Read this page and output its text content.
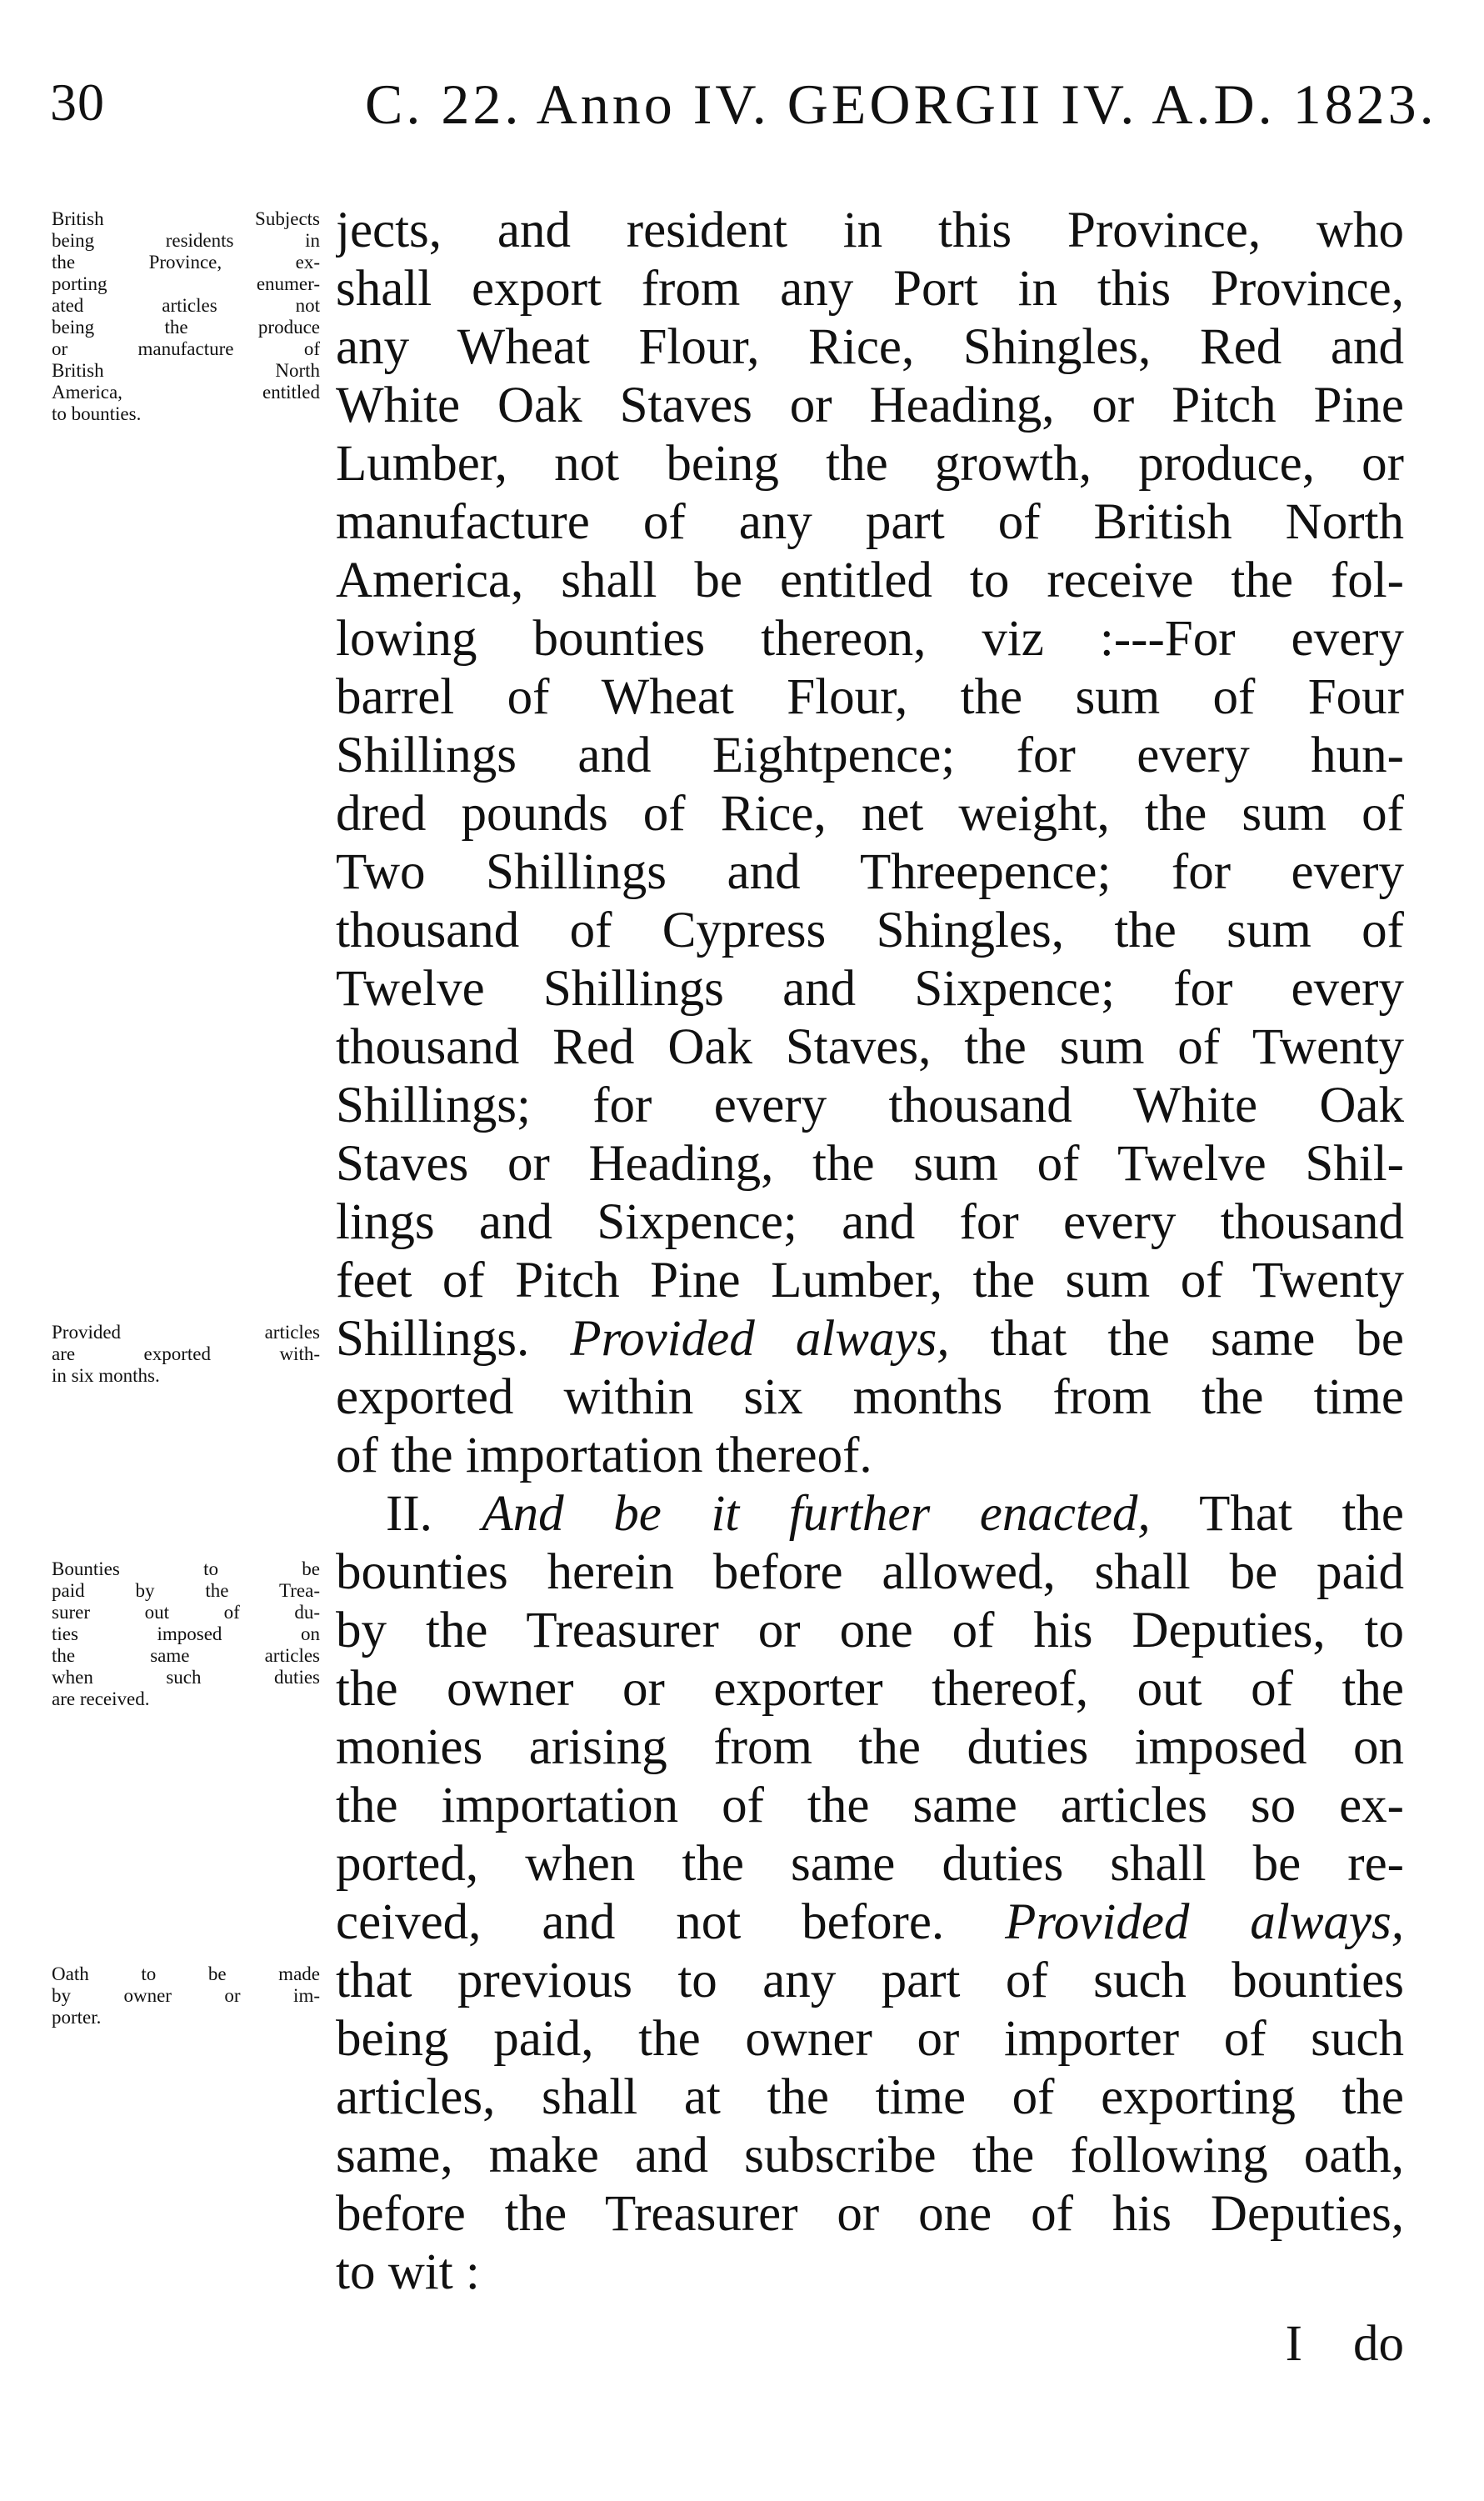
30	C. 22. Anno IV. GEORGII IV. A.D. 1823.
jects, and resident in this Province, who
shall export from any Port in this Province,
any Wheat Flour, Rice, Shingles, Red and
White Oak Staves or Heading, or Pitch Pine
Lumber, not being the growth, produce, or
manufacture of any part of British North
America, shall be entitled to receive the fol-
lowing bounties thereon, viz :---For every
barrel of Wheat Flour, the sum of Four
Shillings and Eightpence; for every hun-
dred pounds of Rice, net weight, the sum of
Two Shillings and Threepence; for every
thousand of Cypress Shingles, the sum of
Twelve Shillings and Sixpence; for every
thousand Red Oak Staves, the sum of Twenty
Shillings; for every thousand White Oak
Staves or Heading, the sum of Twelve Shil-
lings and Sixpence; and for every thousand
feet of Pitch Pine Lumber, the sum of Twenty
Shillings. Provided always, that the same be
exported within six months from the time
of the importation thereof.
II. And be it further enacted, That the
bounties herein before allowed, shall be paid
by the Treasurer or one of his Deputies, to
the owner or exporter thereof, out of the
monies arising from the duties imposed on
the importation of the same articles so ex-
ported, when the same duties shall be re-
ceived, and not before. Provided always,
that previous to any part of such bounties
being paid, the owner or importer of such
articles, shall at the time of exporting the
same, make and subscribe the following oath,
before the Treasurer or one of his Deputies,
to wit :
I    do
British Subjects
being residents in
the Province, ex-
porting enumer-
ated articles not
being the produce
or manufacture of
British North
America, entitled
to bounties.
Provided articles
are exported with-
in six months.
Bounties to be
paid by the Trea-
surer out of du-
ties imposed on
the same articles
when such duties
are received.
Oath to be made
by owner or im-
porter.
